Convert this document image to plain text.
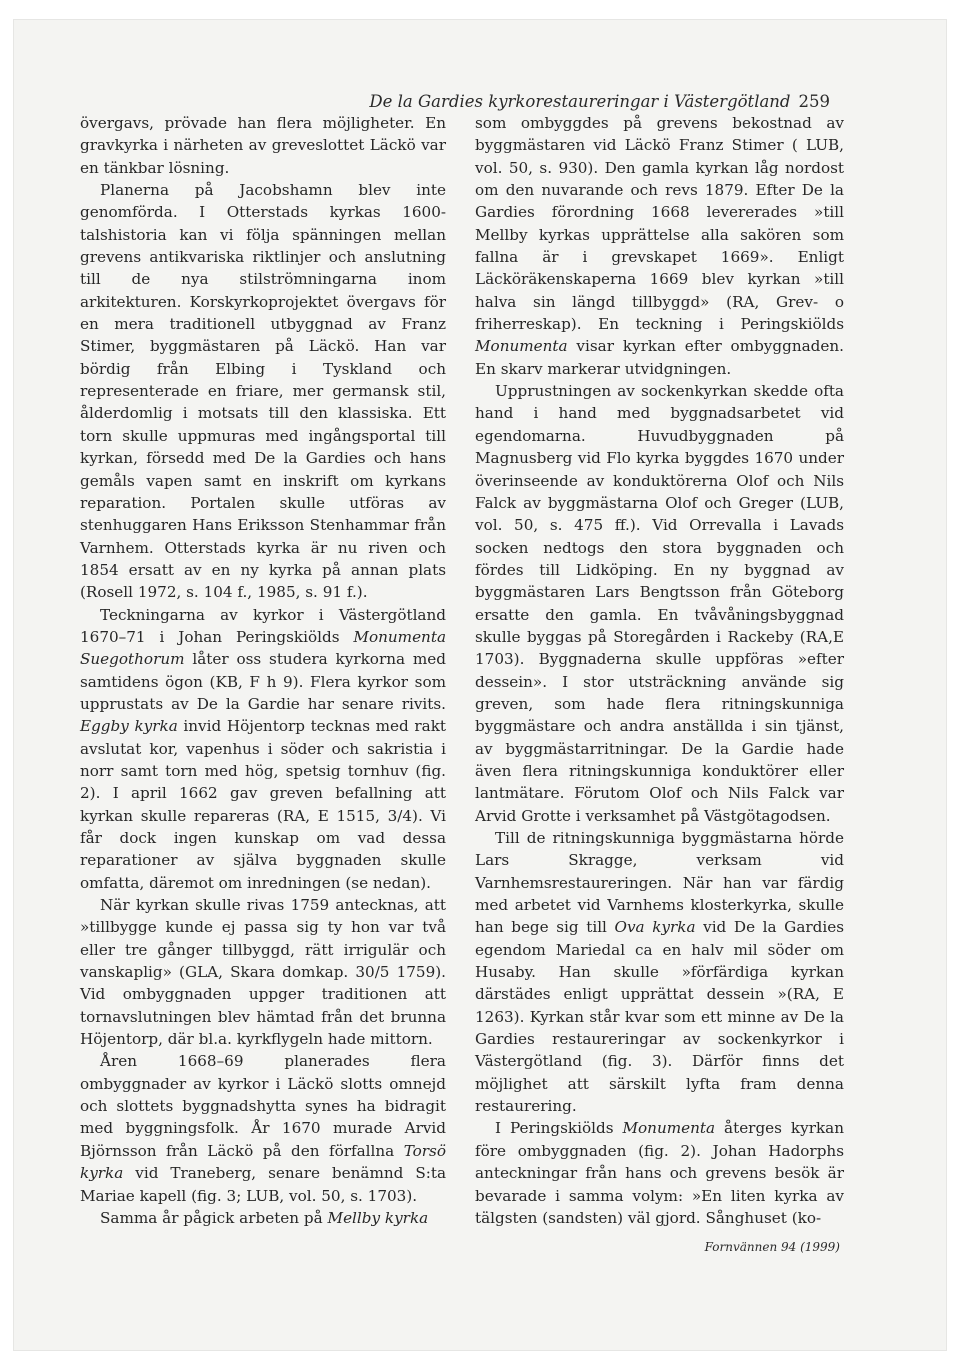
De la Gardies kyrkorestaureringar i Västergötland 259

övergavs, prövade han flera möjligheter. En gravkyrka i närheten av greveslottet Läckö var en tänkbar lösning.

Planerna på Jacobshamn blev inte genomförda. I Otterstads kyrkas 1600-talshistoria kan vi följa spänningen mellan grevens antikvariska riktlinjer och anslutning till de nya stilströmningarna inom arkitekturen. Korskyrkoprojektet övergavs för en mera traditionell utbyggnad av Franz Stimer, byggmästaren på Läckö. Han var bördig från Elbing i Tyskland och representerade en friare, mer germansk stil, ålderdomlig i motsats till den klassiska. Ett torn skulle uppmuras med ingångsportal till kyrkan, försedd med De la Gardies och hans gemåls vapen samt en inskrift om kyrkans reparation. Portalen skulle utföras av stenhuggaren Hans Eriksson Stenhammar från Varnhem. Otterstads kyrka är nu riven och 1854 ersatt av en ny kyrka på annan plats (Rosell 1972, s. 104 f., 1985, s. 91 f.).

Teckningarna av kyrkor i Västergötland 1670–71 i Johan Peringskiölds Monumenta Suegothorum låter oss studera kyrkorna med samtidens ögon (KB, F h 9). Flera kyrkor som upprustats av De la Gardie har senare rivits. Eggby kyrka invid Höjentorp tecknas med rakt avslutat kor, vapenhus i söder och sakristia i norr samt torn med hög, spetsig tornhuv (fig. 2). I april 1662 gav greven befallning att kyrkan skulle repareras (RA, E 1515, 3/4). Vi får dock ingen kunskap om vad dessa reparationer av själva byggnaden skulle omfatta, däremot om inredningen (se nedan).

När kyrkan skulle rivas 1759 antecknas, att »tillbygge kunde ej passa sig ty hon var två eller tre gånger tillbyggd, rätt irrigulär och vanskaplig» (GLA, Skara domkap. 30/5 1759). Vid ombyggnaden uppger traditionen att tornavslutningen blev hämtad från det brunna Höjentorp, där bl.a. kyrkflygeln hade mittorn.

Åren 1668–69 planerades flera ombyggnader av kyrkor i Läckö slotts omnejd och slottets byggnadshytta synes ha bidragit med byggningsfolk. År 1670 murade Arvid Björnsson från Läckö på den förfallna Torsö kyrka vid Traneberg, senare benämnd S:ta Mariae kapell (fig. 3; LUB, vol. 50, s. 1703).

Samma år pågick arbeten på Mellby kyrka

som ombyggdes på grevens bekostnad av byggmästaren vid Läckö Franz Stimer ( LUB, vol. 50, s. 930). Den gamla kyrkan låg nordost om den nuvarande och revs 1879. Efter De la Gardies förordning 1668 levererades »till Mellby kyrkas upprättelse alla sakören som fallna är i grevskapet 1669». Enligt Läcköräkenskaperna 1669 blev kyrkan »till halva sin längd tillbyggd» (RA, Grev- o friherreskap). En teckning i Peringskiölds Monumenta visar kyrkan efter ombyggnaden. En skarv markerar utvidgningen.

Upprustningen av sockenkyrkan skedde ofta hand i hand med byggnadsarbetet vid egendomarna. Huvudbyggnaden på Magnusberg vid Flo kyrka byggdes 1670 under överinseende av konduktörerna Olof och Nils Falck av byggmästarna Olof och Greger (LUB, vol. 50, s. 475 ff.). Vid Orrevalla i Lavads socken nedtogs den stora byggnaden och fördes till Lidköping. En ny byggnad av byggmästaren Lars Bengtsson från Göteborg ersatte den gamla. En tvåvåningsbyggnad skulle byggas på Storegården i Rackeby (RA,E 1703). Byggnaderna skulle uppföras »efter dessein». I stor utsträckning använde sig greven, som hade flera ritningskunniga byggmästare och andra anställda i sin tjänst, av byggmästarritningar. De la Gardie hade även flera ritningskunniga konduktörer eller lantmätare. Förutom Olof och Nils Falck var Arvid Grotte i verksamhet på Västgötagodsen.

Till de ritningskunniga byggmästarna hörde Lars Skragge, verksam vid Varnhemsrestaureringen. När han var färdig med arbetet vid Varnhems klosterkyrka, skulle han bege sig till Ova kyrka vid De la Gardies egendom Mariedal ca en halv mil söder om Husaby. Han skulle »förfärdiga kyrkan därstädes enligt upprättat dessein »(RA, E 1263). Kyrkan står kvar som ett minne av De la Gardies restaureringar av sockenkyrkor i Västergötland (fig. 3). Därför finns det möjlighet att särskilt lyfta fram denna restaurering.

I Peringskiölds Monumenta återges kyrkan före ombyggnaden (fig. 2). Johan Hadorphs anteckningar från hans och grevens besök är bevarade i samma volym: »En liten kyrka av tälgsten (sandsten) väl gjord. Sånghuset (ko-

Fornvännen 94 (1999)
